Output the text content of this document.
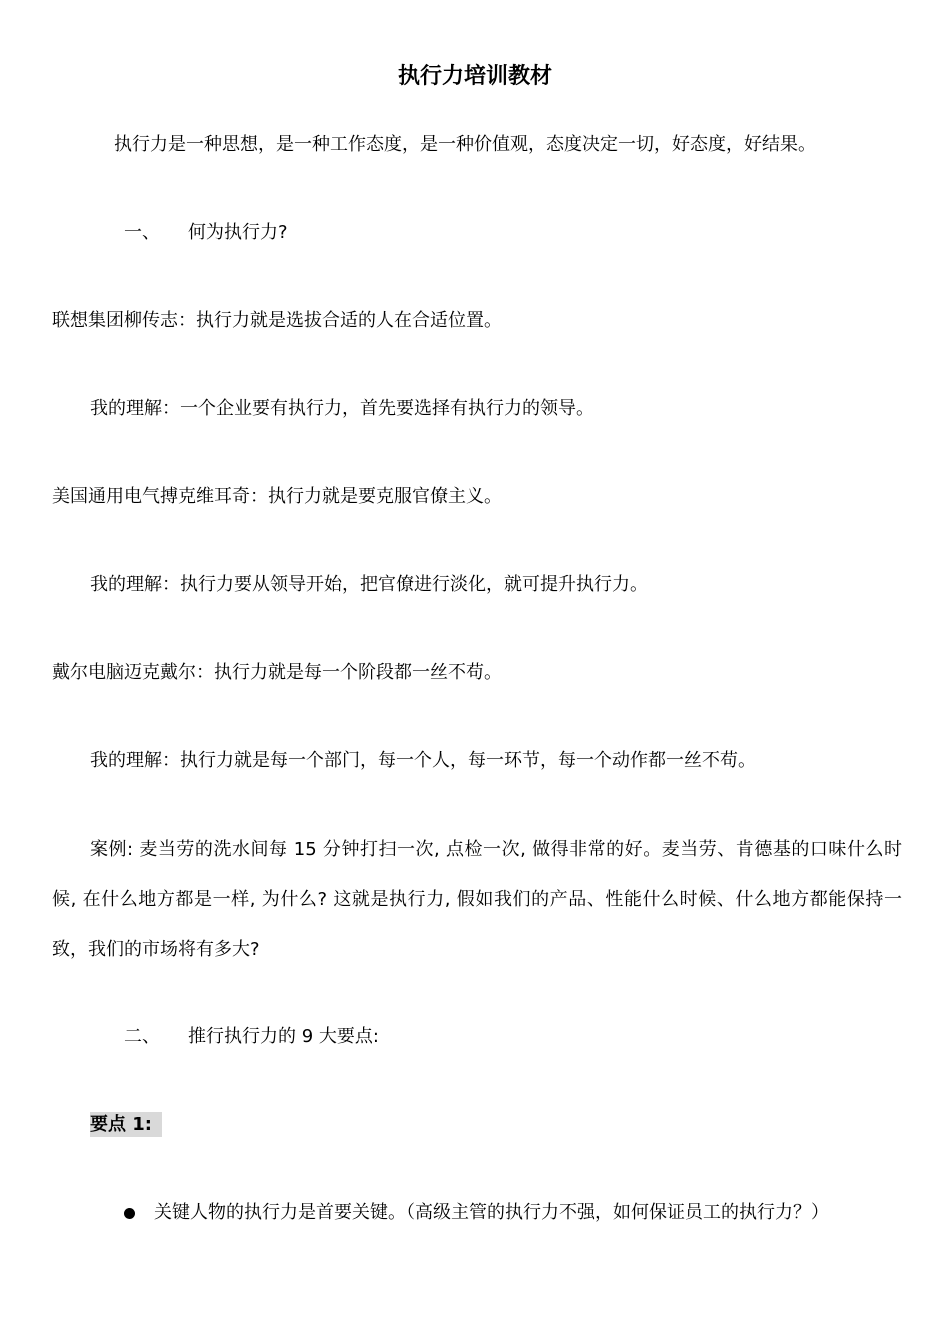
执行力培训教材
执行力是一种思想，是一种工作态度，是一种价值观，态度决定一切，好态度，好结果。
一、 何为执行力?
联想集团柳传志：执行力就是选拔合适的人在合适位置。
我的理解：一个企业要有执行力，首先要选择有执行力的领导。
美国通用电气搏克维耳奇：执行力就是要克服官僚主义。
我的理解：执行力要从领导开始，把官僚进行淡化，就可提升执行力。
戴尔电脑迈克戴尔：执行力就是每一个阶段都一丝不苟。
我的理解：执行力就是每一个部门，每一个人，每一环节，每一个动作都一丝不苟。
案例: 麦当劳的洗水间每 15 分钟打扫一次, 点检一次, 做得非常的好。麦当劳、肯德基的口味什么时候, 在什么地方都是一样, 为什么? 这就是执行力, 假如我们的产品、性能什么时候、什么地方都能保持一致，我们的市场将有多大?
二、 推行执行力的 9 大要点:
要点 1:
关键人物的执行力是首要关键。（高级主管的执行力不强，如何保证员工的执行力？）
